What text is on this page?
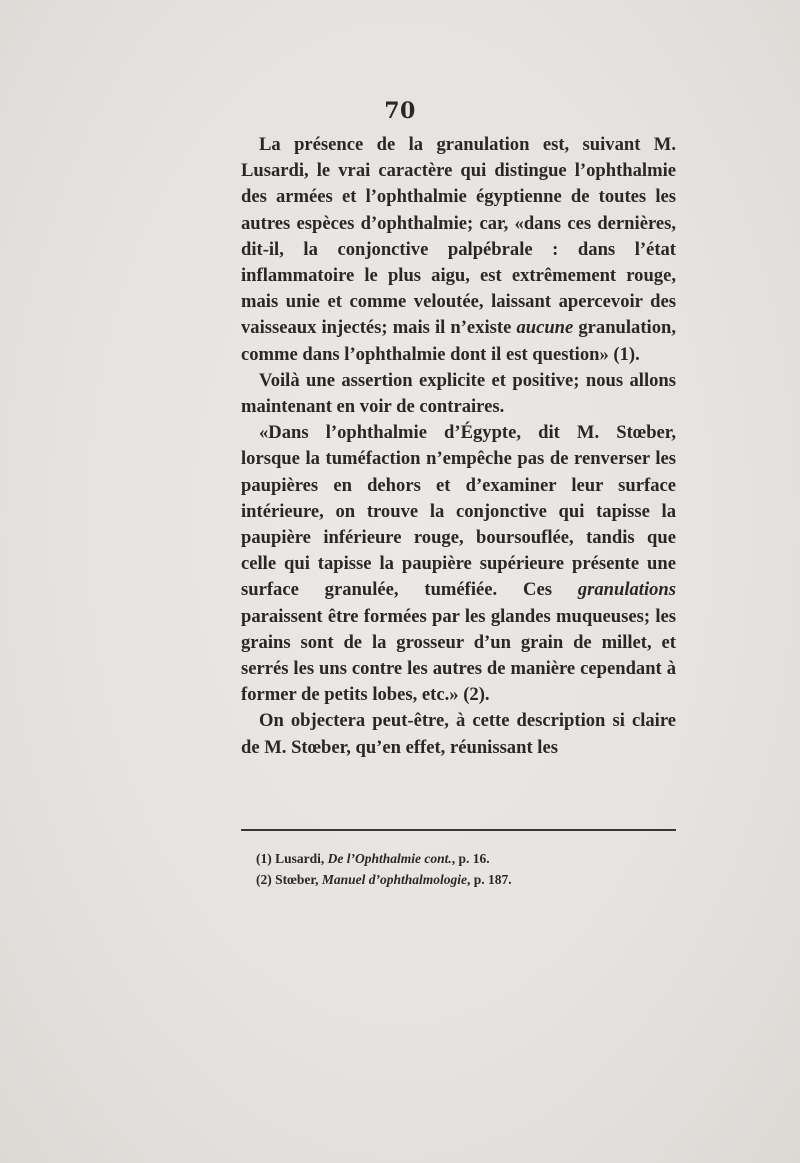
70

La présence de la granulation est, suivant M. Lusardi, le vrai caractère qui distingue l’ophthalmie des armées et l’ophthalmie égyptienne de toutes les autres espèces d’ophthalmie; car, «dans ces dernières, dit-il, la conjonctive palpébrale : dans l’état inflammatoire le plus aigu, est extrêmement rouge, mais unie et comme veloutée, laissant apercevoir des vaisseaux injectés; mais il n’existe aucune granulation, comme dans l’ophthalmie dont il est question» (1).

Voilà une assertion explicite et positive; nous allons maintenant en voir de contraires.

«Dans l’ophthalmie d’Égypte, dit M. Stœber, lorsque la tuméfaction n’empêche pas de renverser les paupières en dehors et d’examiner leur surface intérieure, on trouve la conjonctive qui tapisse la paupière inférieure rouge, boursouflée, tandis que celle qui tapisse la paupière supérieure présente une surface granulée, tuméfiée. Ces granulations paraissent être formées par les glandes muqueuses; les grains sont de la grosseur d’un grain de millet, et serrés les uns contre les autres de manière cependant à former de petits lobes, etc.» (2).

On objectera peut-être, à cette description si claire de M. Stœber, qu’en effet, réunissant les

(1) Lusardi, De l’Ophthalmie cont., p. 16.
(2) Stœber, Manuel d’ophthalmologie, p. 187.
